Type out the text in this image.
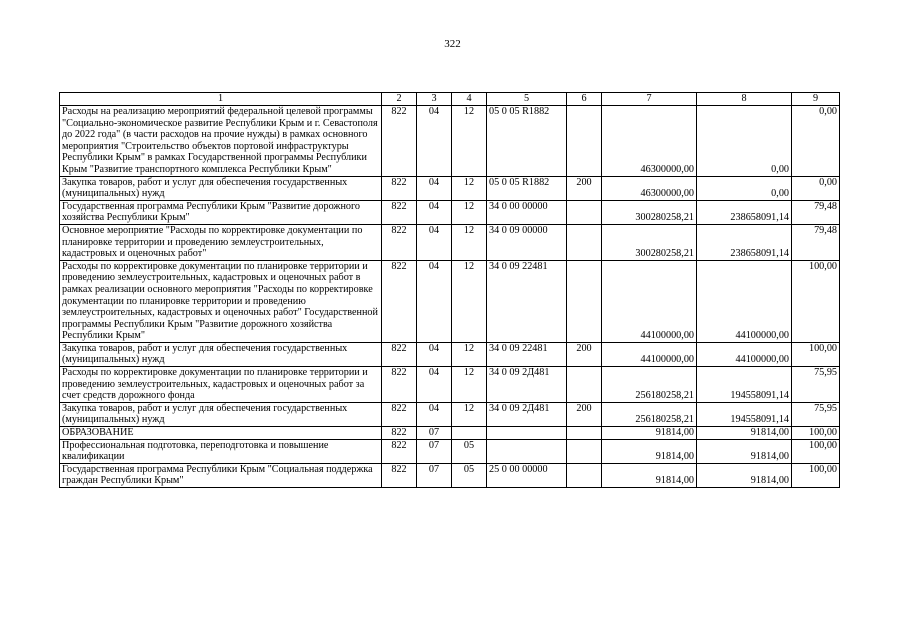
322
1	2	3	4	5	6	7	8	9
Расходы на реализацию мероприятий федеральной целевой программы "Социально-экономическое развитие Республики Крым и г. Севастополя до 2022 года" (в части расходов на прочие нужды) в рамках основного мероприятия "Строительство объектов портовой инфраструктуры Республики Крым" в рамках Государственной программы Республики Крым "Развитие транспортного комплекса Республики Крым"	822	04	12	05 0 05 R1882		46300000,00	0,00	0,00
Закупка товаров, работ и услуг для обеспечения государственных (муниципальных) нужд	822	04	12	05 0 05 R1882	200	46300000,00	0,00	0,00
Государственная программа Республики Крым "Развитие дорожного хозяйства Республики Крым"	822	04	12	34 0 00 00000		300280258,21	238658091,14	79,48
Основное мероприятие "Расходы по корректировке документации по планировке территории и проведению землеустроительных, кадастровых и оценочных работ"	822	04	12	34 0 09 00000		300280258,21	238658091,14	79,48
Расходы по корректировке документации по планировке территории и проведению землеустроительных, кадастровых и оценочных работ в рамках реализации основного мероприятия "Расходы по корректировке документации по планировке территории и проведению землеустроительных, кадастровых и оценочных работ" Государственной программы Республики Крым "Развитие дорожного хозяйства Республики Крым"	822	04	12	34 0 09 22481		44100000,00	44100000,00	100,00
Закупка товаров, работ и услуг для обеспечения государственных (муниципальных) нужд	822	04	12	34 0 09 22481	200	44100000,00	44100000,00	100,00
Расходы по корректировке документации по планировке территории и проведению землеустроительных, кадастровых и оценочных работ за счет средств дорожного фонда	822	04	12	34 0 09 2Д481		256180258,21	194558091,14	75,95
Закупка товаров, работ и услуг для обеспечения государственных (муниципальных) нужд	822	04	12	34 0 09 2Д481	200	256180258,21	194558091,14	75,95
ОБРАЗОВАНИЕ	822	07				91814,00	91814,00	100,00
Профессиональная подготовка, переподготовка и повышение квалификации	822	07	05			91814,00	91814,00	100,00
Государственная программа Республики Крым "Социальная поддержка граждан Республики Крым"	822	07	05	25 0 00 00000		91814,00	91814,00	100,00
